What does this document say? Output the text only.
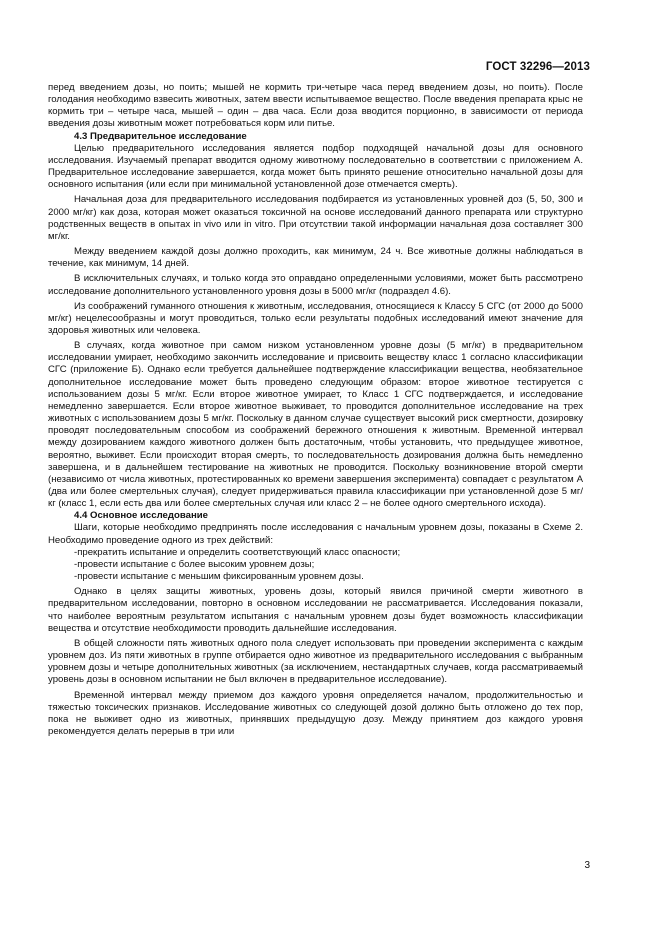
ГОСТ 32296—2013

перед введением дозы, но поить; мышей не кормить три-четыре часа перед введением дозы, но поить). После голодания необходимо взвесить животных, затем ввести испытываемое вещество. После введения препарата крыс не кормить три – четыре часа, мышей – один – два часа. Если доза вводится порционно, в зависимости от периода введения дозы животным может потребоваться корм или питье.

4.3 Предварительное исследование

Целью предварительного исследования является подбор подходящей начальной дозы для основного исследования. Изучаемый препарат вводится одному животному последовательно в соответствии с приложением А. Предварительное исследование завершается, когда может быть принято решение относительно начальной дозы для основного испытания (или если при минимальной установленной дозе отмечается смерть).

Начальная доза для предварительного исследования подбирается из установленных уровней доз (5, 50, 300 и 2000 мг/кг) как доза, которая может оказаться токсичной на основе исследований данного препарата или структурно родственных веществ в опытах in vivo или in vitro. При отсутствии такой информации начальная доза составляет 300 мг/кг.

Между введением каждой дозы должно проходить, как минимум, 24 ч. Все животные должны наблюдаться в течение, как минимум, 14 дней.

В исключительных случаях, и только когда это оправдано определенными условиями, может быть рассмотрено исследование дополнительного установленного уровня дозы в 5000 мг/кг (подраздел 4.6).

Из соображений гуманного отношения к животным, исследования, относящиеся к Классу 5 СГС (от 2000 до 5000 мг/кг) нецелесообразны и могут проводиться, только если результаты подобных исследований имеют значение для здоровья животных или человека.

В случаях, когда животное при самом низком установленном уровне дозы (5 мг/кг) в предварительном исследовании умирает, необходимо закончить исследование и присвоить веществу класс 1 согласно классификации СГС (приложение Б). Однако если требуется дальнейшее подтверждение классификации вещества, необязательное дополнительное исследование может быть проведено следующим образом: второе животное тестируется с использованием дозы 5 мг/кг. Если второе животное умирает, то Класс 1 СГС подтверждается, и исследование немедленно завершается. Если второе животное выживает, то проводится дополнительное исследование на трех животных с использованием дозы 5 мг/кг. Поскольку в данном случае существует высокий риск смертности, дозировку проводят последовательным способом из соображений бережного отношения к животным. Временной интервал между дозированием каждого животного должен быть достаточным, чтобы установить, что предыдущее животное, вероятно, выживет. Если происходит вторая смерть, то последовательность дозирования должна быть немедленно завершена, и в дальнейшем тестирование на животных не проводится. Поскольку возникновение второй смерти (независимо от числа животных, протестированных ко времени завершения эксперимента) совпадает с результатом А (два или более смертельных случая), следует придерживаться правила классификации при установленной дозе 5 мг/кг (класс 1, если есть два или более смертельных случая или класс 2 – не более одного смертельного исхода).

4.4 Основное исследование

Шаги, которые необходимо предпринять после исследования с начальным уровнем дозы, показаны в Схеме 2. Необходимо проведение одного из трех действий:

-прекратить испытание и определить соответствующий класс опасности;
-провести испытание с более высоким уровнем дозы;
-провести испытание с меньшим фиксированным уровнем дозы.

Однако в целях защиты животных, уровень дозы, который явился причиной смерти животного в предварительном исследовании, повторно в основном исследовании не рассматривается. Исследования показали, что наиболее вероятным результатом испытания с начальным уровнем дозы будет возможность классификации вещества и отсутствие необходимости проводить дальнейшие исследования.

В общей сложности пять животных одного пола следует использовать при проведении эксперимента с каждым уровнем доз. Из пяти животных в группе отбирается одно животное из предварительного исследования с выбранным уровнем дозы и четыре дополнительных животных (за исключением, нестандартных случаев, когда рассматриваемый уровень дозы в основном испытании не был включен в предварительное исследование).

Временной интервал между приемом доз каждого уровня определяется началом, продолжительностью и тяжестью токсических признаков. Исследование животных со следующей дозой должно быть отложено до тех пор, пока не выживет одно из животных, принявших предыдущую дозу. Между принятием доз каждого уровня рекомендуется делать перерыв в три или

3
